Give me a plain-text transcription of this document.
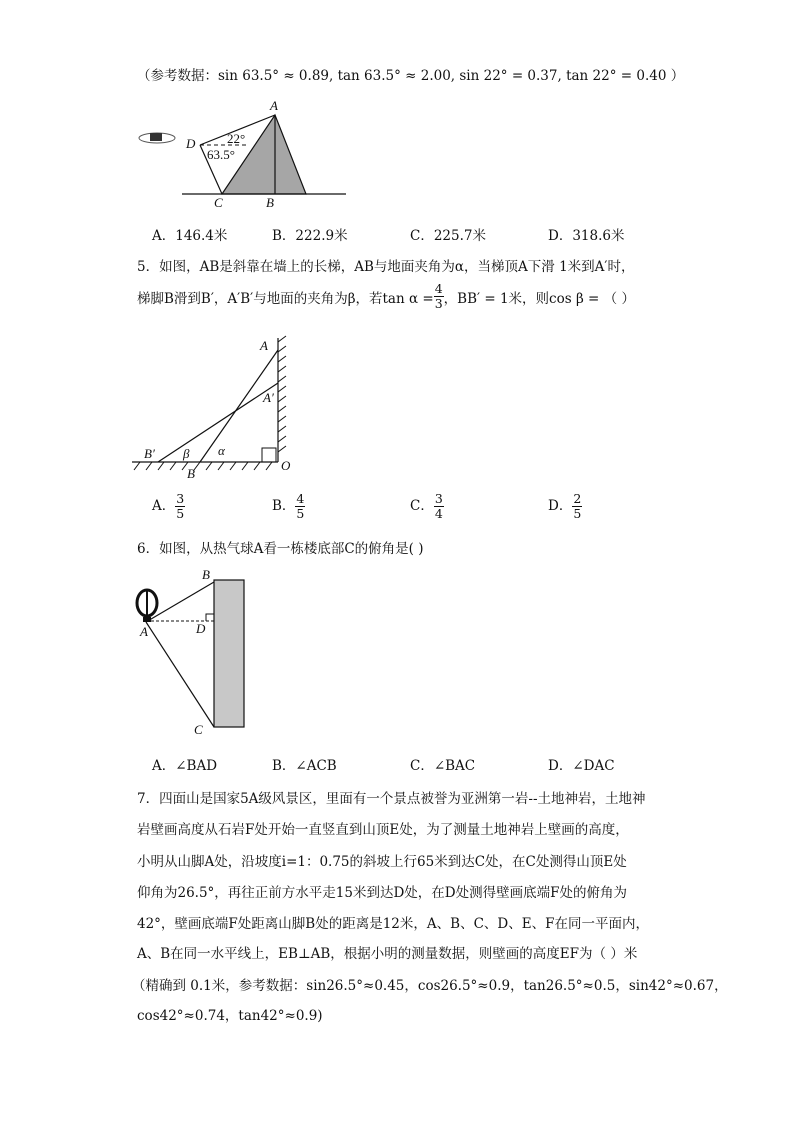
（参考数据：sin 63.5° ≈ 0.89, tan 63.5° ≈ 2.00, sin 22° = 0.37, tan 22° = 0.40 ）
A
D
C	B
22°
63.5°
A
A′
O
B′
B
β α
A
B
D
C
A．146.4米	B．222.9米	C．225.7米	D．318.6米
5．如图，AB是斜靠在墙上的长梯，AB与地面夹角为α，当梯顶A下滑 1米到A′时，
梯脚B滑到B′，A′B′与地面的夹角为β，若$\tan \alpha = \frac{4}{3}$ ，BB′ = 1米，则cos β = （ ）
A． $\frac{3}{5}$	B． $\frac{4}{5}$	C． $\frac{3}{4}$	D． $\frac{2}{5}$
6．如图，从热气球A看一栋楼底部C的俯角是( )
A．∠BAD	B．∠ACB	C．∠BAC	D．∠DAC
7．四面山是国家5A级风景区，里面有一个景点被誉为亚洲第一岩--土地神岩，土地神
岩壁画高度从石岩F处开始一直竖直到山顶E处，为了测量土地神岩上壁画的高度，
小明从山脚A处，沿坡度i=1：0.75的斜坡上行65米到达C处，在C处测得山顶E处
仰角为26.5°，再往正前方水平走15米到达D处，在D处测得壁画底端F处的俯角为
42°，壁画底端F处距离山脚B处的距离是12米，A、B、C、D、E、F在同一平面内，
A、B在同一水平线上，EB⊥AB，根据小明的测量数据，则壁画的高度EF为（ ）米
（精确到 0.1米，参考数据：sin26.5°≈0.45，cos26.5°≈0.9，tan26.5°≈0.5，sin42°≈0.67，
cos42°≈0.74，tan42°≈0.9)
